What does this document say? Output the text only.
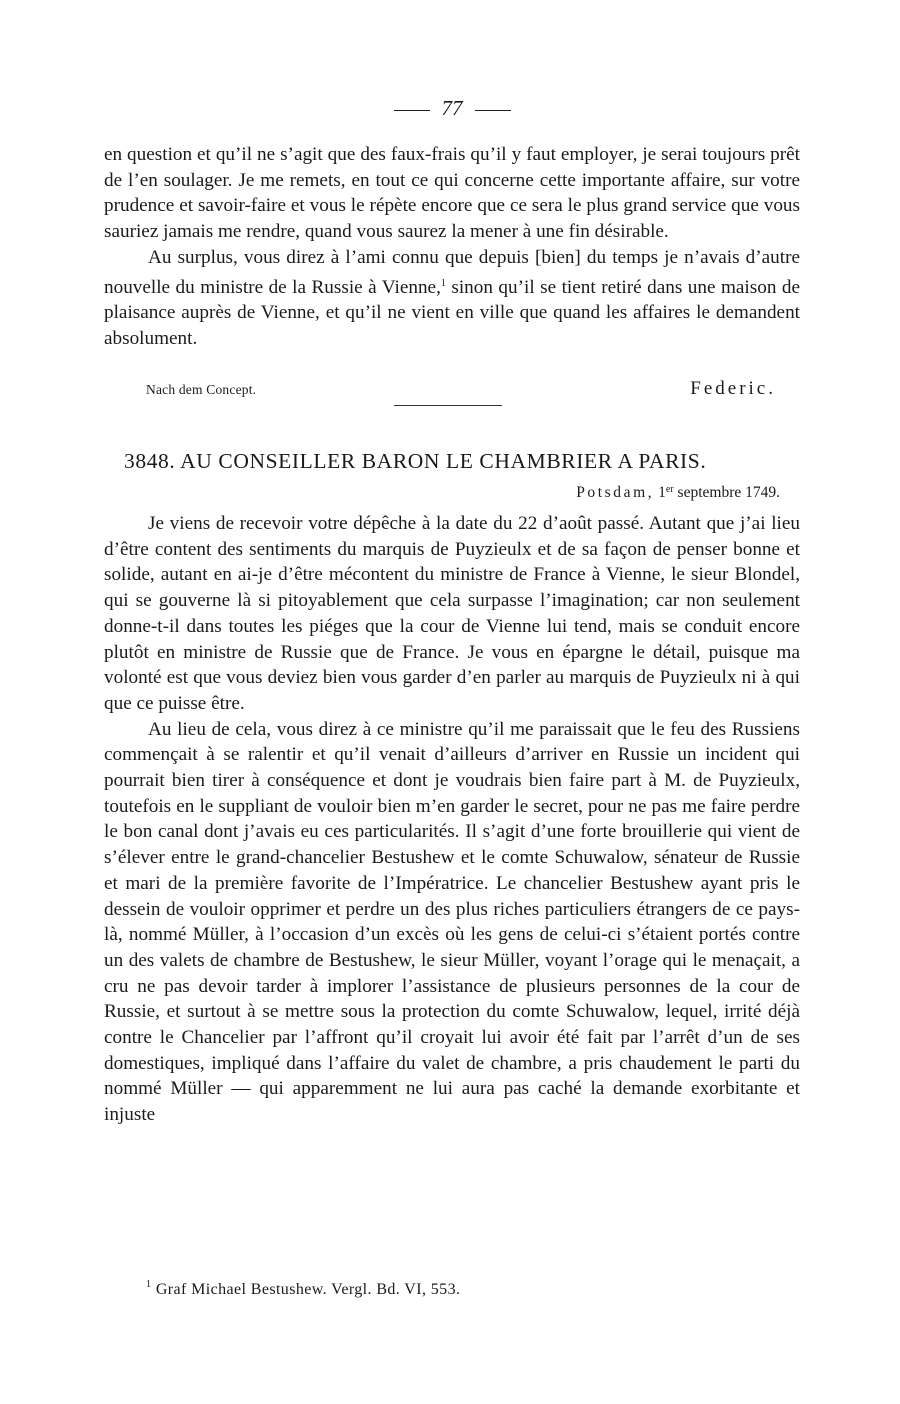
77

en question et qu’il ne s’agit que des faux-frais qu’il y faut employer, je serai toujours prêt de l’en soulager. Je me remets, en tout ce qui concerne cette importante affaire, sur votre prudence et savoir-faire et vous le répète encore que ce sera le plus grand service que vous sauriez jamais me rendre, quand vous saurez la mener à une fin désirable.

Au surplus, vous direz à l’ami connu que depuis [bien] du temps je n’avais d’autre nouvelle du ministre de la Russie à Vienne,$^1$ sinon qu’il se tient retiré dans une maison de plaisance auprès de Vienne, et qu’il ne vient en ville que quand les affaires le demandent absolument.

Nach dem Concept.	Federic.
3848. AU CONSEILLER BARON LE CHAMBRIER A PARIS.
Potsdam, 1er septembre 1749.

Je viens de recevoir votre dépêche à la date du 22 d’août passé. Autant que j’ai lieu d’être content des sentiments du marquis de Puyzieulx et de sa façon de penser bonne et solide, autant en ai-je d’être mécontent du ministre de France à Vienne, le sieur Blondel, qui se gouverne là si pitoyablement que cela surpasse l’imagination; car non seulement donne-t-il dans toutes les piéges que la cour de Vienne lui tend, mais se conduit encore plutôt en ministre de Russie que de France. Je vous en épargne le détail, puisque ma volonté est que vous deviez bien vous garder d’en parler au marquis de Puyzieulx ni à qui que ce puisse être.

Au lieu de cela, vous direz à ce ministre qu’il me paraissait que le feu des Russiens commençait à se ralentir et qu’il venait d’ailleurs d’arriver en Russie un incident qui pourrait bien tirer à conséquence et dont je voudrais bien faire part à M. de Puyzieulx, toutefois en le suppliant de vouloir bien m’en garder le secret, pour ne pas me faire perdre le bon canal dont j’avais eu ces particularités. Il s’agit d’une forte brouillerie qui vient de s’élever entre le grand-chancelier Bestushew et le comte Schuwalow, sénateur de Russie et mari de la première favorite de l’Impératrice. Le chancelier Bestushew ayant pris le dessein de vouloir opprimer et perdre un des plus riches particuliers étrangers de ce pays-là, nommé Müller, à l’occasion d’un excès où les gens de celui-ci s’étaient portés contre un des valets de chambre de Bestushew, le sieur Müller, voyant l’orage qui le menaçait, a cru ne pas devoir tarder à implorer l’assistance de plusieurs personnes de la cour de Russie, et surtout à se mettre sous la protection du comte Schuwalow, lequel, irrité déjà contre le Chancelier par l’affront qu’il croyait lui avoir été fait par l’arrêt d’un de ses domestiques, impliqué dans l’affaire du valet de chambre, a pris chaudement le parti du nommé Müller — qui apparemment ne lui aura pas caché la demande exorbitante et injuste

$^1$ Graf Michael Bestushew. Vergl. Bd. VI, 553.
